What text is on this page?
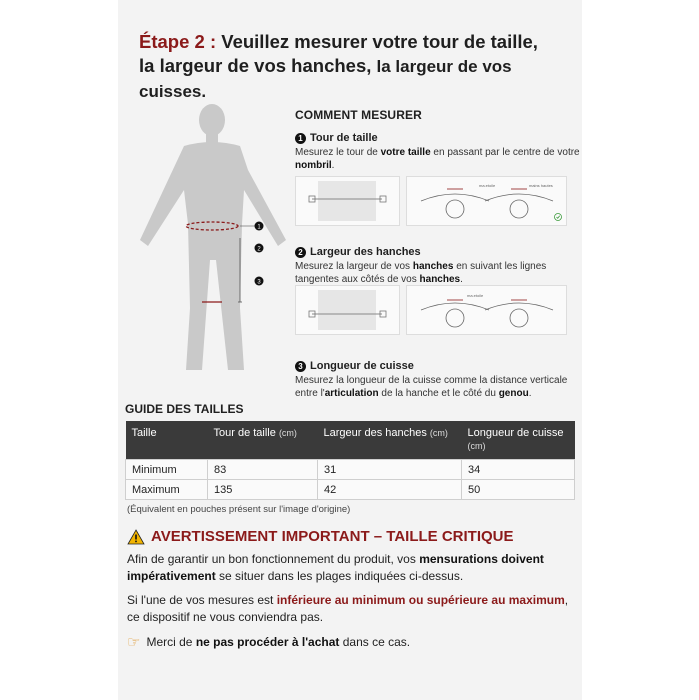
Étape 2 : Veuillez mesurer votre tour de taille,
la largeur de vos hanches, la largeur de vos cuisses.
1
2
3
COMMENT MESURER
1 Tour de taille
Mesurez le tour de votre taille en passant par le centre de votre nombril.
2 Largeur des hanches
Mesurez la largeur de vos hanches en suivant les lignes tangentes aux côtés de vos hanches.
3 Longueur de cuisse
Mesurez la longueur de la cuisse comme la distance verticale entre l'articulation de la hanche et le côté du genou.
ma.etoile	mains hautes
ma.etoile
GUIDE DES TAILLES
Taille	Tour de taille (cm)	Largeur des hanches (cm)	Longueur de cuisse (cm)
Minimum	83	31	34
Maximum	135	42	50
(Équivalent en pouches présent sur l'image d'origine)
AVERTISSEMENT IMPORTANT – TAILLE CRITIQUE
Afin de garantir un bon fonctionnement du produit, vos mensurations doivent impérativement se situer dans les plages indiquées ci-dessus.
Si l'une de vos mesures est inférieure au minimum ou supérieure au maximum, ce dispositif ne vous conviendra pas.
☞ Merci de ne pas procéder à l'achat dans ce cas.
